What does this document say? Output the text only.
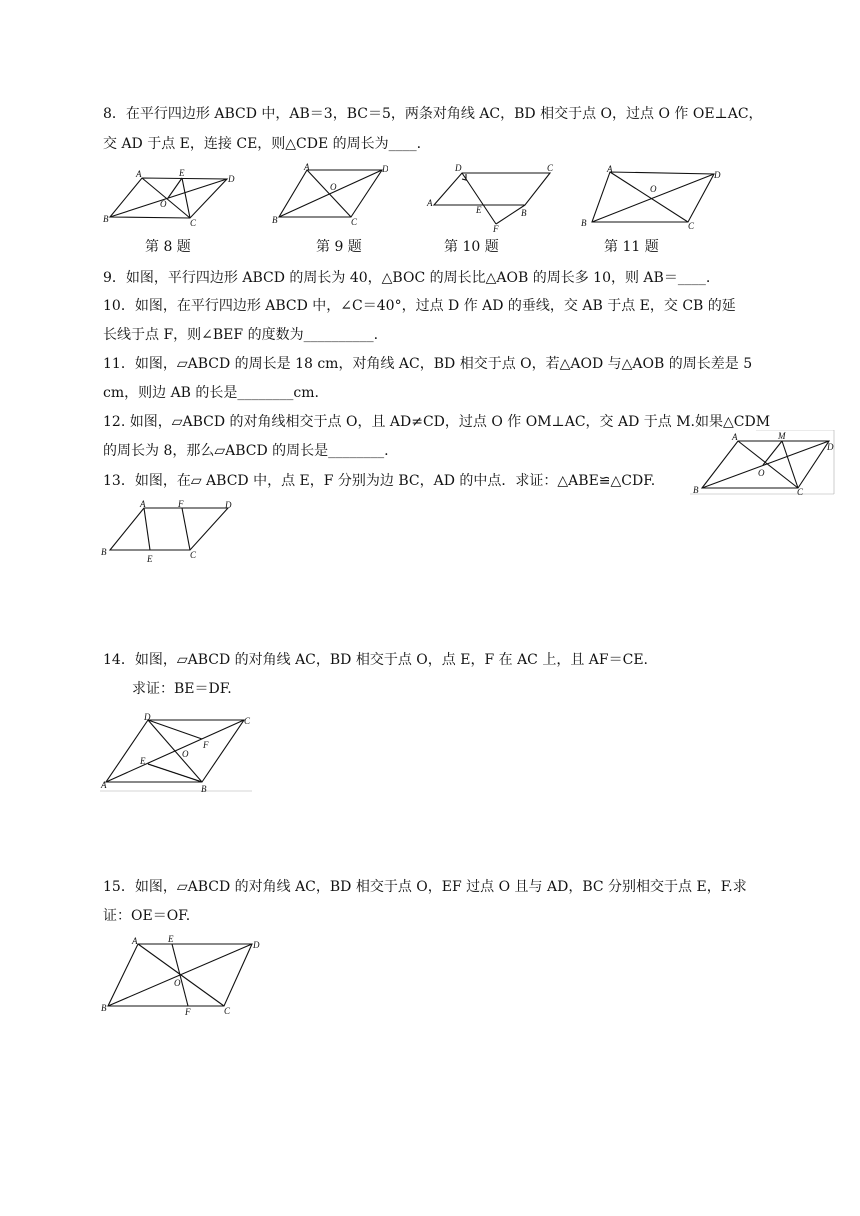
8．在平行四边形 ABCD 中，AB＝3，BC＝5，两条对角线 AC，BD 相交于点 O，过点 O 作 OE⊥AC，
交 AD 于点 E，连接 CE，则△CDE 的周长为____.
A
B	C
D
E
O
第 8 题
A
B	C
D
O
第 9 题
D	C
A
E	B
F
第 10 题
A
B	C
D
O
第 11 题
9．如图，平行四边形 ABCD 的周长为 40，△BOC 的周长比△AOB 的周长多 10，则 AB＝____.
10．如图，在平行四边形 ABCD 中，∠C＝40°，过点 D 作 AD 的垂线，交 AB 于点 E，交 CB 的延
长线于点 F，则∠BEF 的度数为__________.
11．如图，▱ABCD 的周长是 18 cm，对角线 AC，BD 相交于点 O，若△AOD 与△AOB 的周长差是 5
cm，则边 AB 的长是________cm.
12. 如图，▱ABCD 的对角线相交于点 O，且 AD≠CD，过点 O 作 OM⊥AC，交 AD 于点 M.如果△CDM
的周长为 8，那么▱ABCD 的周长是________.
A	M
D
B	C
O
13．如图，在▱ ABCD 中，点 E，F 分别为边 BC，AD 的中点．求证：△ABE≌△CDF.
A	F	D
B
E	C
14．如图，▱ABCD 的对角线 AC，BD 相交于点 O，点 E，F 在 AC 上，且 AF＝CE.
求证：BE＝DF.
D	C
A	B
E
F
O
15．如图，▱ABCD 的对角线 AC，BD 相交于点 O，EF 过点 O 且与 AD，BC 分别相交于点 E，F.求
证：OE＝OF.
A	E
D
B	F	C
O
